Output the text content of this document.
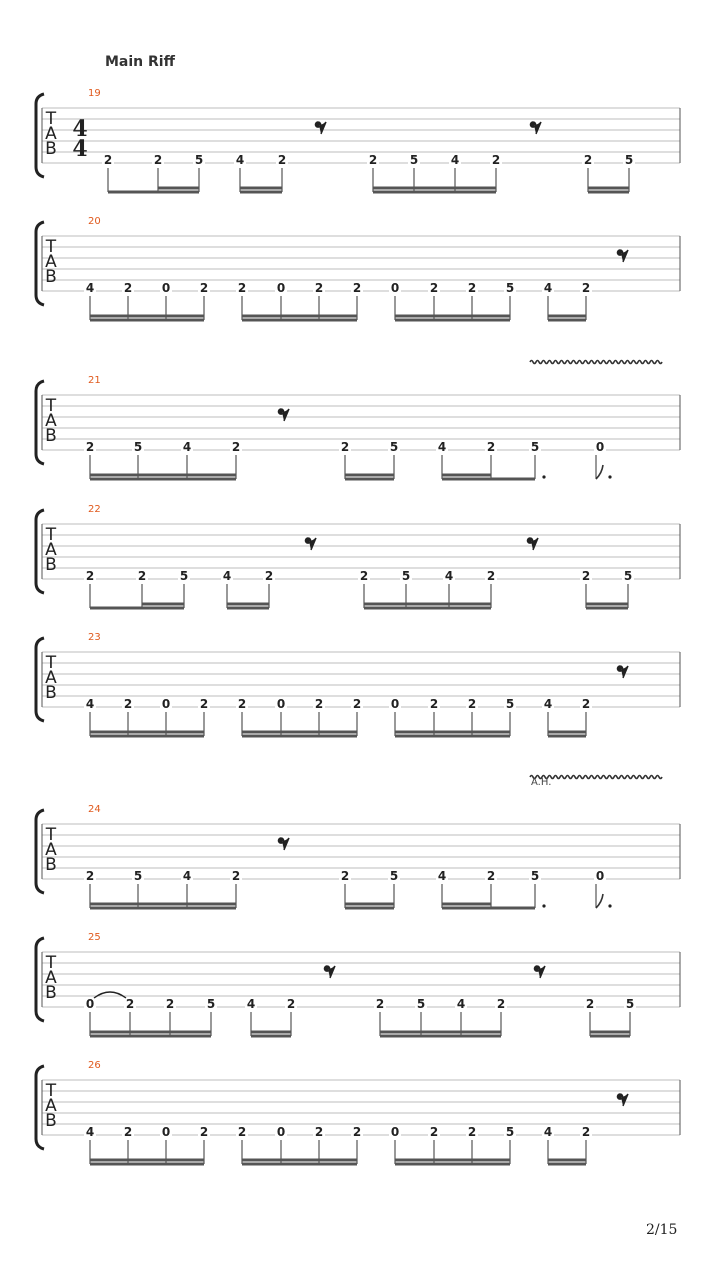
Main Riff
19
T
A
B
4
4 2	2	5	4	2	2	5	4	2	2	5
20
T
A
B
4 2 0 2 2	0 2 2 0	2 2 5 4 2
21
T
A
B
2	5	4	2	2	5	4	2	5	0
22
T
A
B
2	2	5	4	2	2	5	4	2	2	5
23
T
A
B
4 2 0 2 2	0 2 2 0	2 2 5 4 2
24
T
A
B
2	5	4	2	2	5	4	2	5	0
A.H.
25
T
A
B
0	2	2	5	4	2	2	5	4	2	2	5
26
T
A
B
4 2 0 2 2	0 2 2 0	2 2 5 4 2
2/15
